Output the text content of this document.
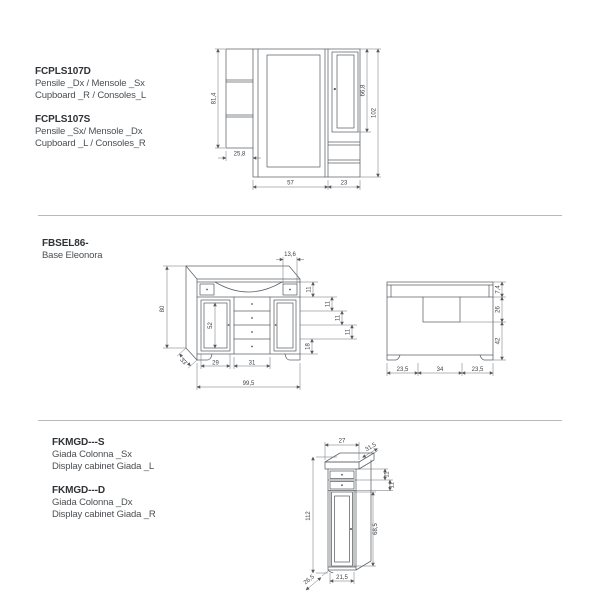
FCPLS107D
Pensile _Dx / Mensole _Sx
Cupboard _R / Consoles_L
FCPLS107S
Pensile _Sx/ Mensole _Dx
Cupboard _L / Consoles_R
81,4
25,8
57	23
66,8
102
FBSEL86-
Base Eleonora
80
13,6
33
11
11
11
11
18
52
29	31
99,5
7,4
26
42
23,5	34	23,5
FKMGD---S
Giada Colonna _Sx
Display cabinet Giada _L
FKMGD---D
Giada Colonna _Dx
Display cabinet Giada _R
27
31,5
112
11
11
68,5
26,5	21,5
